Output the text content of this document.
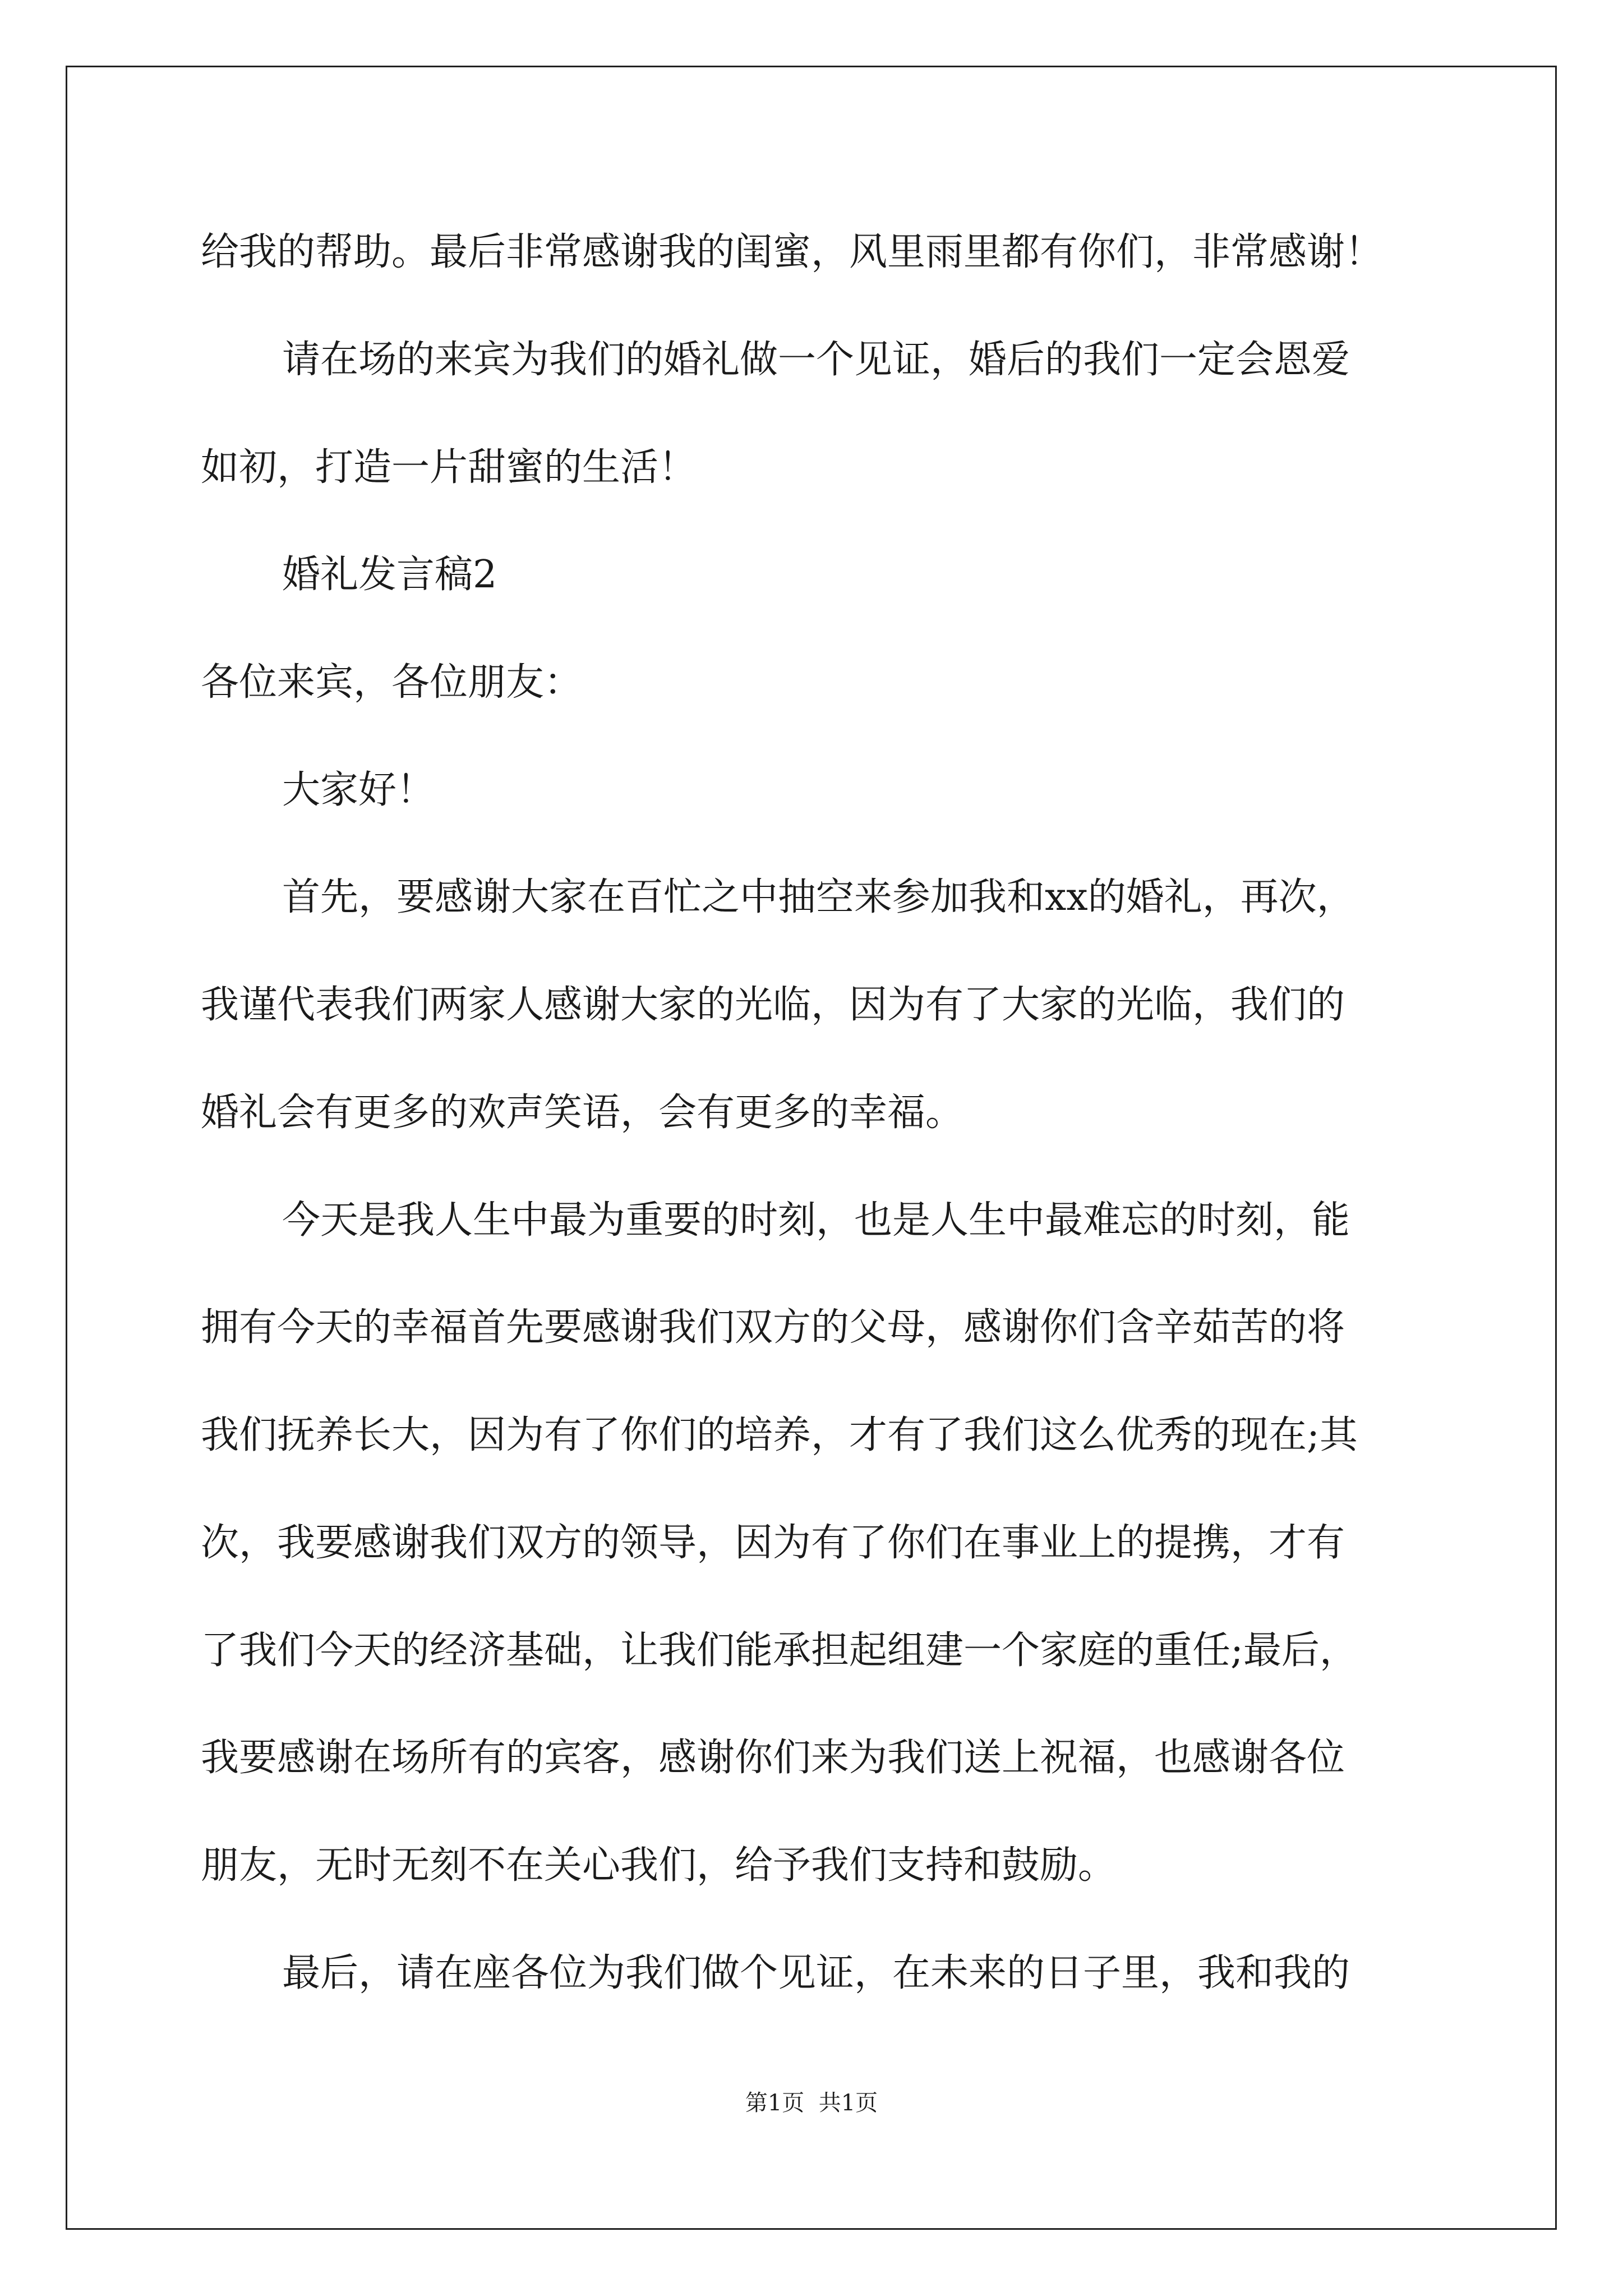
给我的帮助。最后非常感谢我的闺蜜，风里雨里都有你们，非常感谢！
请在场的来宾为我们的婚礼做一个见证，婚后的我们一定会恩爱
如初，打造一片甜蜜的生活！
婚礼发言稿2
各位来宾，各位朋友：
大家好！
首先，要感谢大家在百忙之中抽空来参加我和xx的婚礼，再次，
我谨代表我们两家人感谢大家的光临，因为有了大家的光临，我们的
婚礼会有更多的欢声笑语，会有更多的幸福。
今天是我人生中最为重要的时刻，也是人生中最难忘的时刻，能
拥有今天的幸福首先要感谢我们双方的父母，感谢你们含辛茹苦的将
我们抚养长大，因为有了你们的培养，才有了我们这么优秀的现在;其
次，我要感谢我们双方的领导，因为有了你们在事业上的提携，才有
了我们今天的经济基础，让我们能承担起组建一个家庭的重任;最后，
我要感谢在场所有的宾客，感谢你们来为我们送上祝福，也感谢各位
朋友，无时无刻不在关心我们，给予我们支持和鼓励。
最后，请在座各位为我们做个见证，在未来的日子里，我和我的
第1页  共1页
